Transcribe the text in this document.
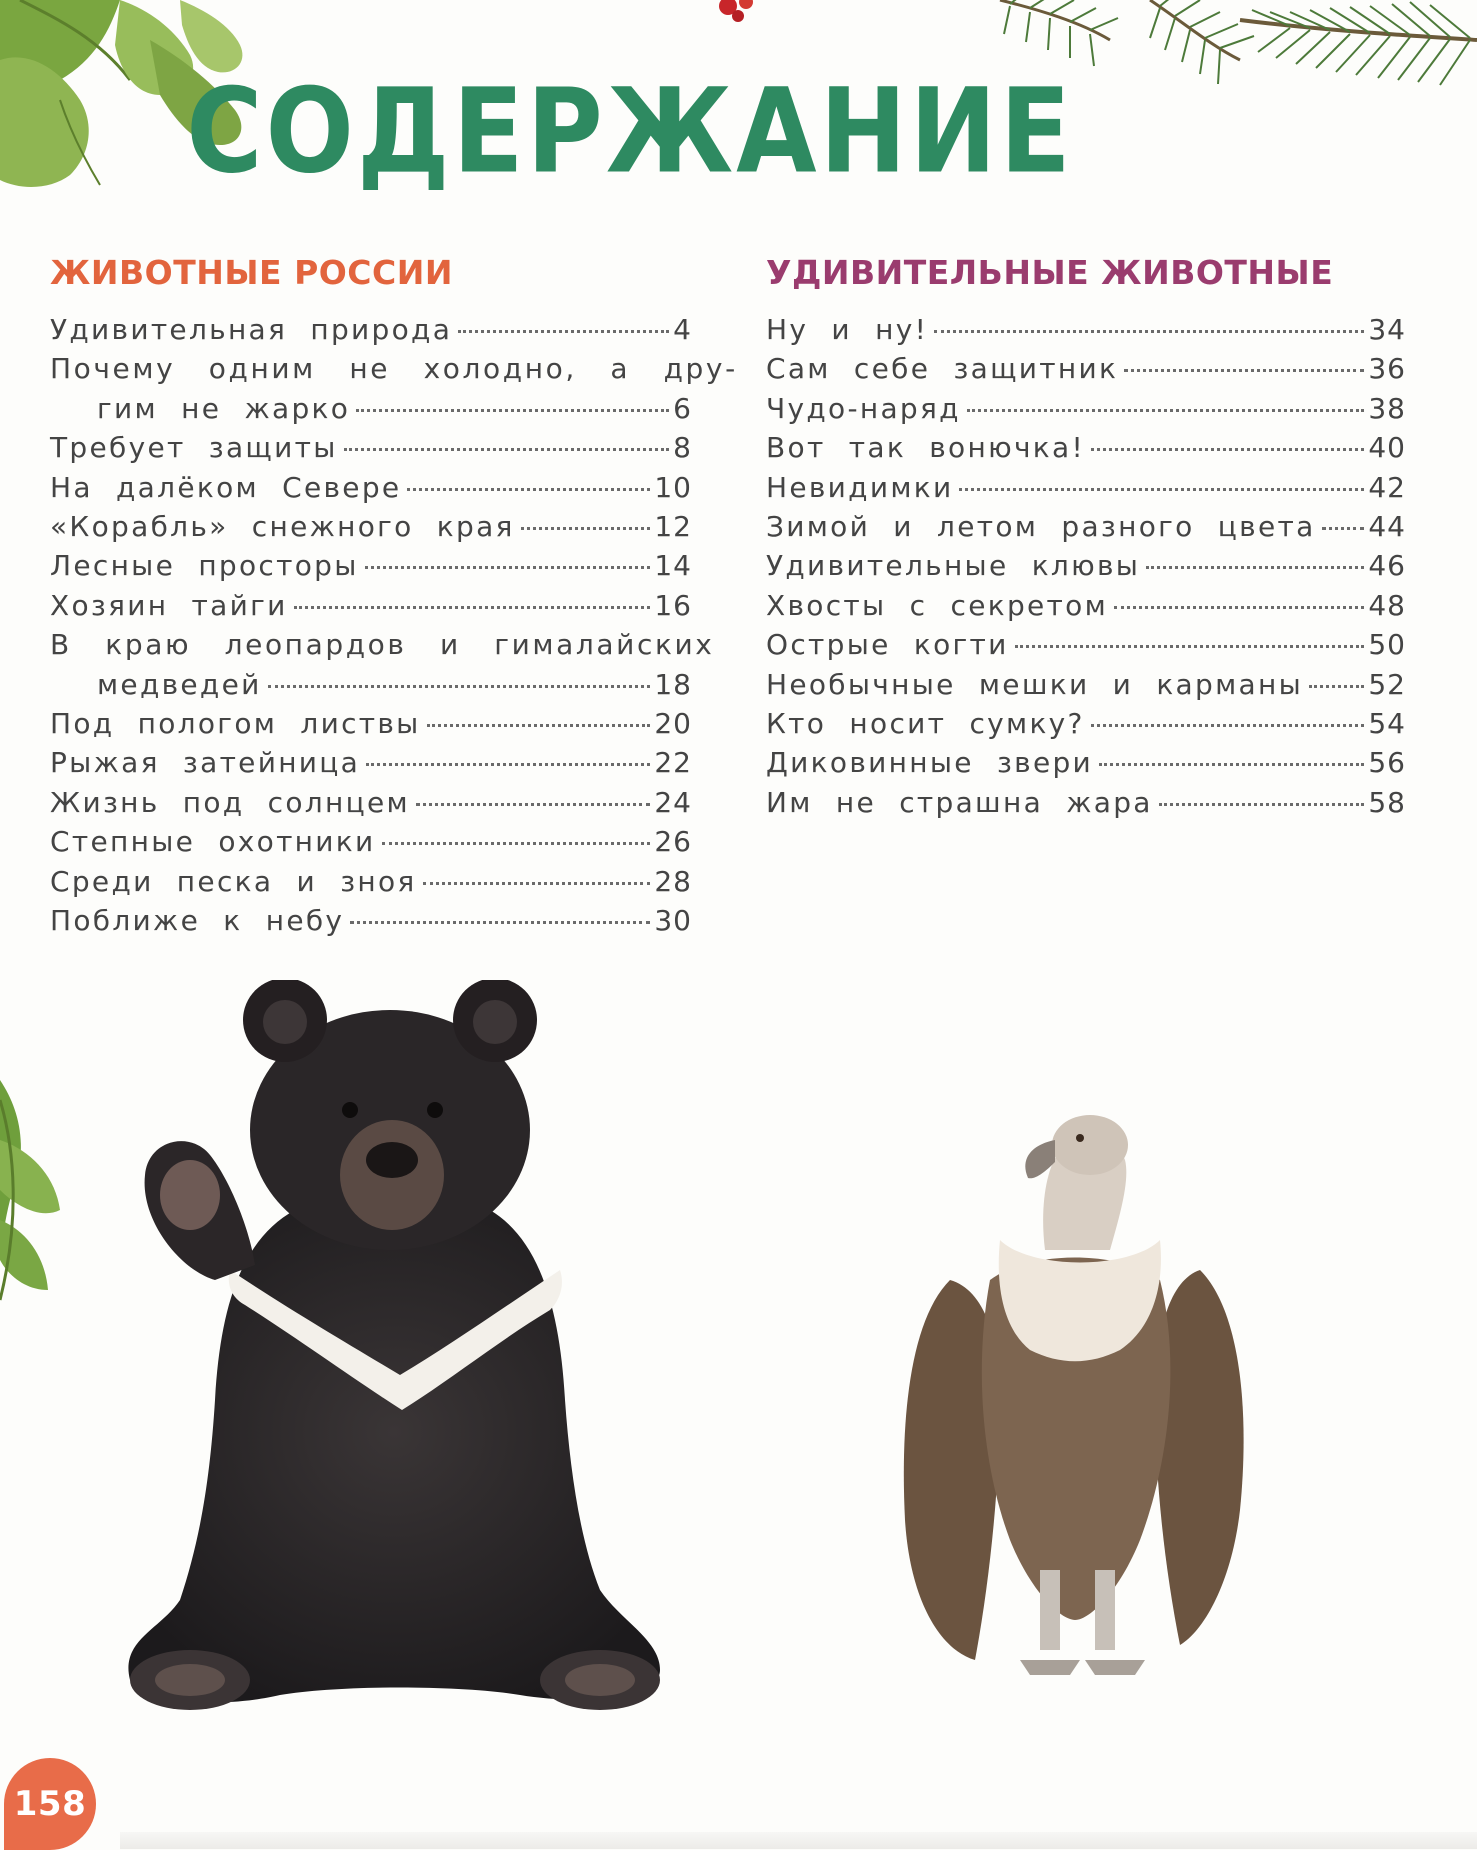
СОДЕРЖАНИЕ
ЖИВОТНЫЕ РОССИИ
Удивительная природа	4
Почему одним не холодно, а дру-
гим не жарко	6
Требует защиты	8
На далёком Севере	10
«Корабль» снежного края	12
Лесные просторы	14
Хозяин тайги	16
В краю леопардов и гималайских
медведей	18
Под пологом листвы	20
Рыжая затейница	22
Жизнь под солнцем	24
Степные охотники	26
Среди песка и зноя	28
Поближе к небу	30
УДИВИТЕЛЬНЫЕ ЖИВОТНЫЕ
Ну и ну!	34
Сам себе защитник	36
Чудо-наряд	38
Вот так вонючка!	40
Невидимки	42
Зимой и летом разного цвета 44
Удивительные клювы	46
Хвосты с секретом	48
Острые когти	50
Необычные мешки и карманы 52
Кто носит сумку?	54
Диковинные звери	56
Им не страшна жара	58
158
